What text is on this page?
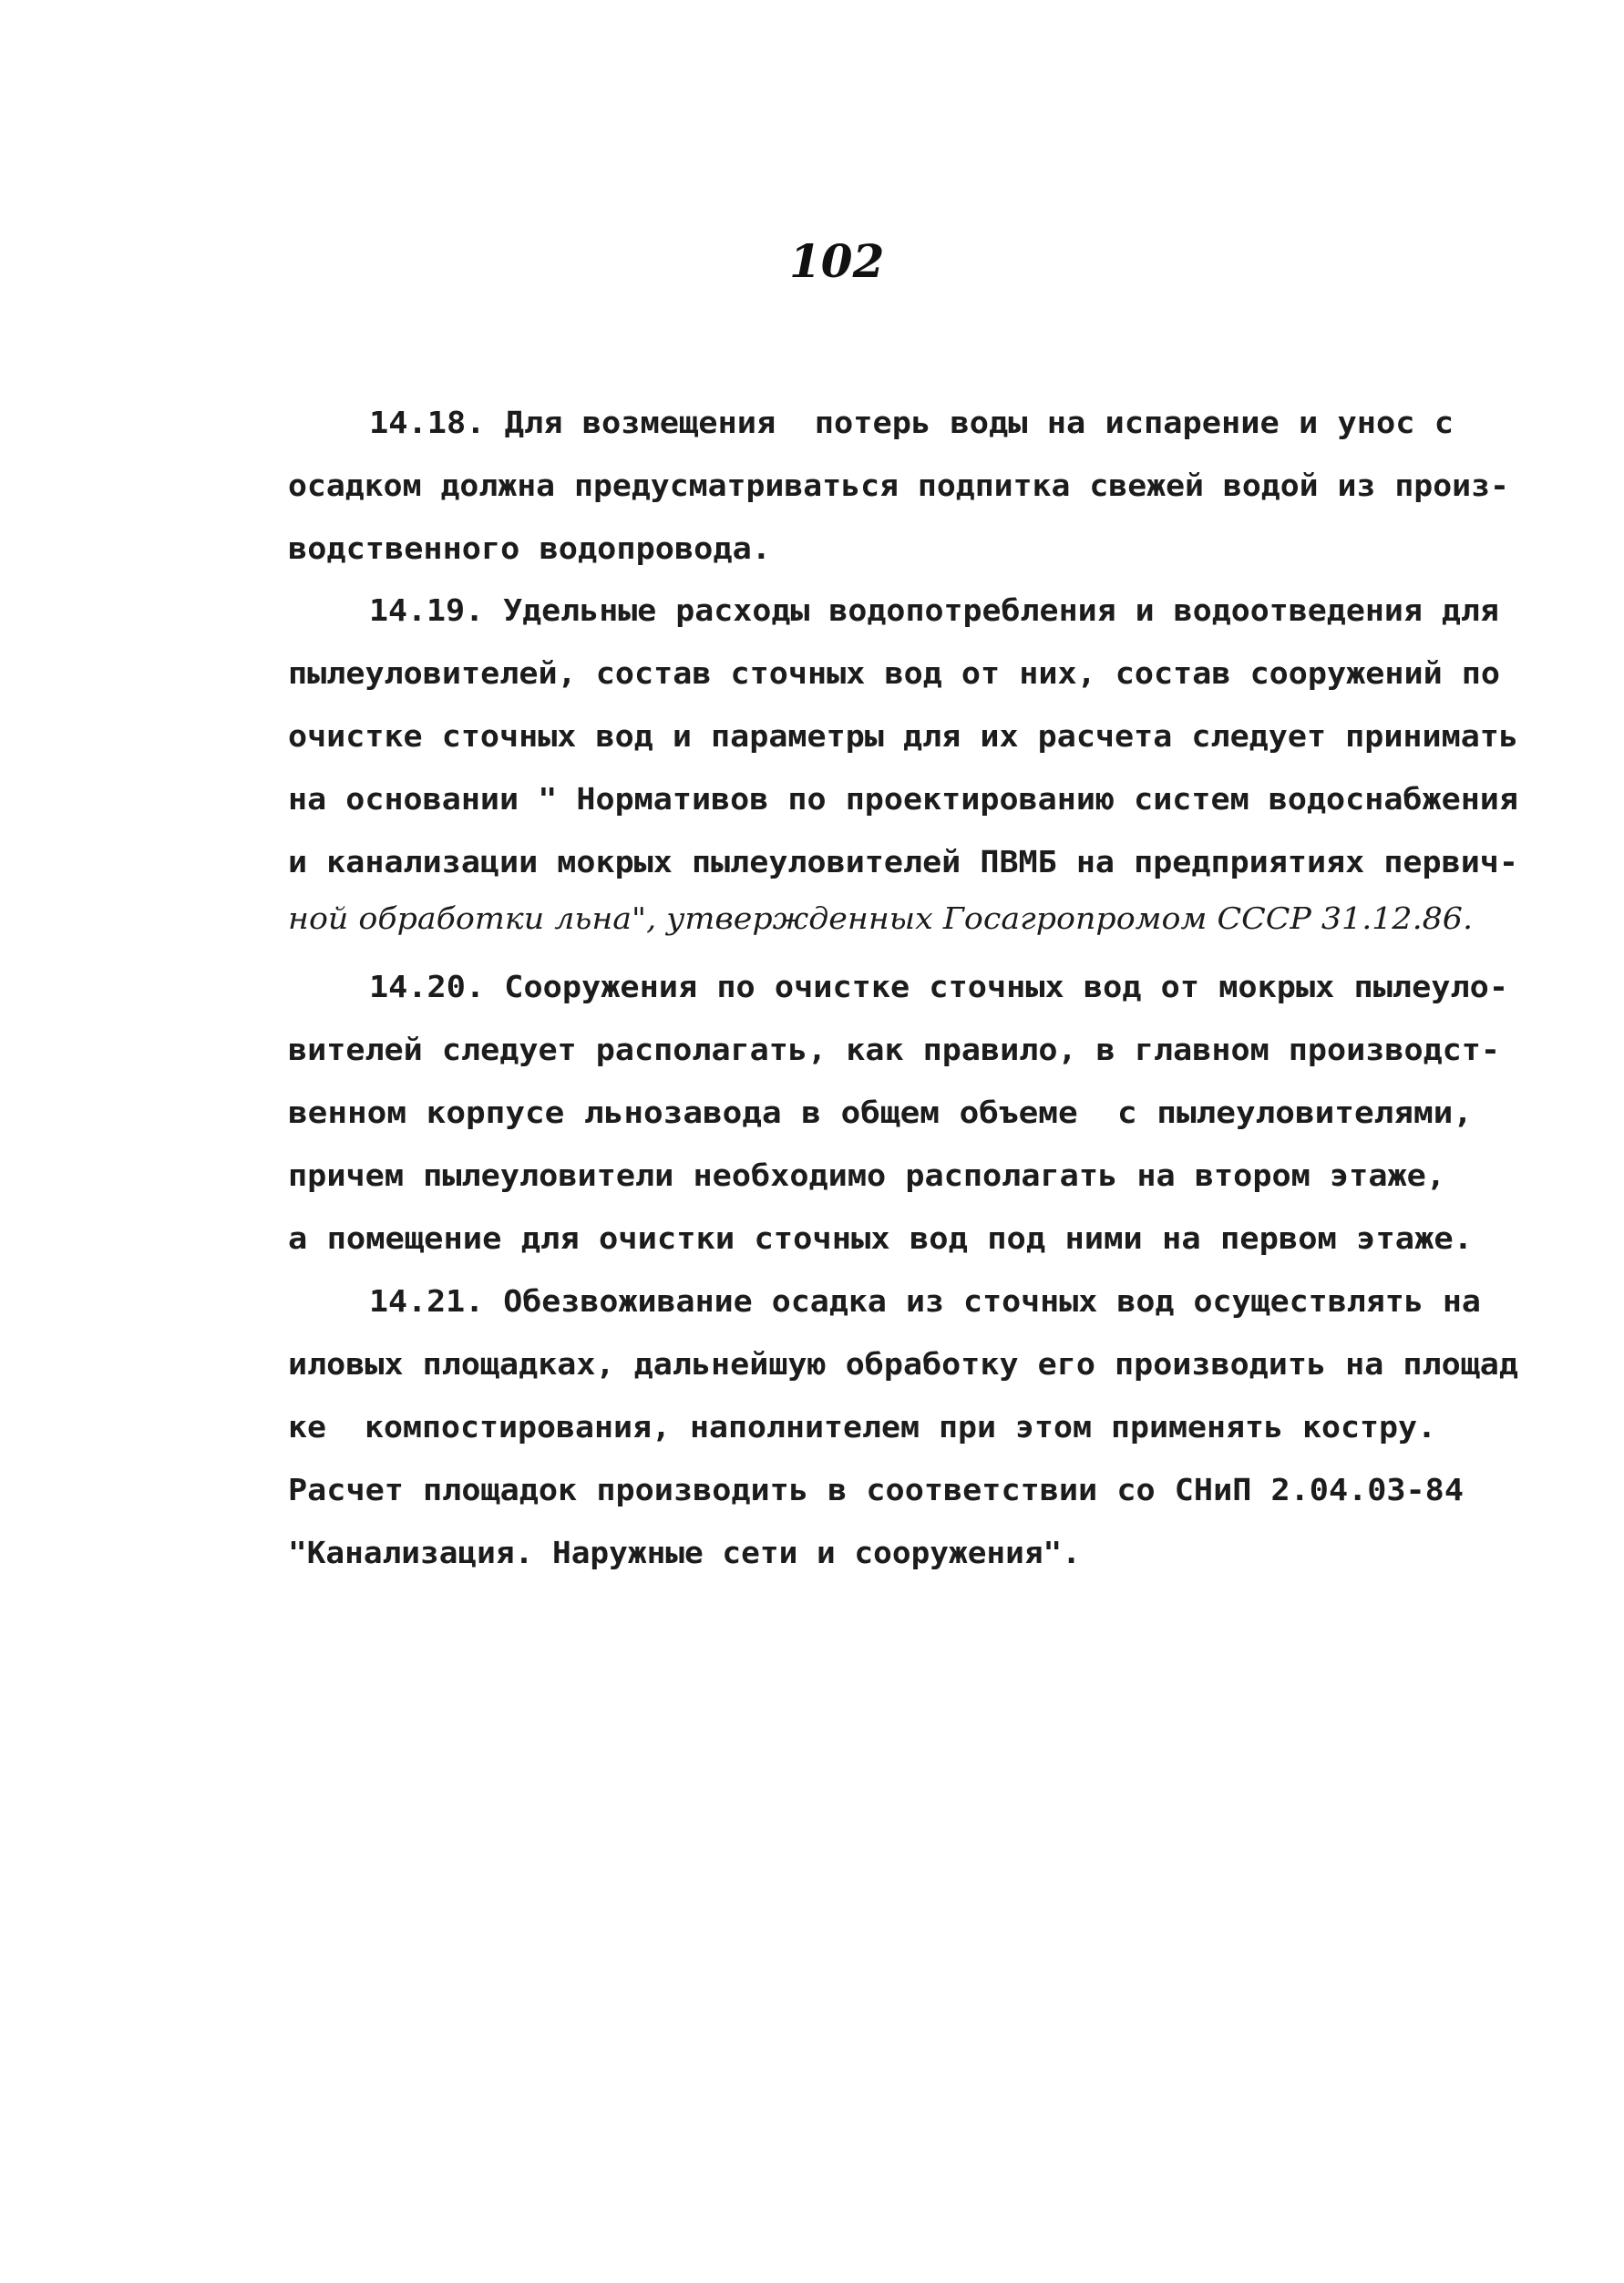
102
14.18. Для возмещения  потерь воды на испарение и унос с
осадком должна предусматриваться подпитка свежей водой из произ-
водственного водопровода.
14.19. Удельные расходы водопотребления и водоотведения для
пылеуловителей, состав сточных вод от них, состав сооружений по
очистке сточных вод и параметры для их расчета следует принимать
на основании " Нормативов по проектированию систем водоснабжения
и канализации мокрых пылеуловителей ПВМБ на предприятиях первич-
ной обработки льна", утвержденных Госагропромом СССР 31.12.86.
14.20. Сооружения по очистке сточных вод от мокрых пылеуло-
вителей следует располагать, как правило, в главном производст-
венном корпусе льнозавода в общем объеме  с пылеуловителями,
причем пылеуловители необходимо располагать на втором этаже,
а помещение для очистки сточных вод под ними на первом этаже.
14.21. Обезвоживание осадка из сточных вод осуществлять на
иловых площадках, дальнейшую обработку его производить на площад
ке  компостирования, наполнителем при этом применять костру.
Расчет площадок производить в соответствии со СНиП 2.04.03-84
"Канализация. Наружные сети и сооружения".
